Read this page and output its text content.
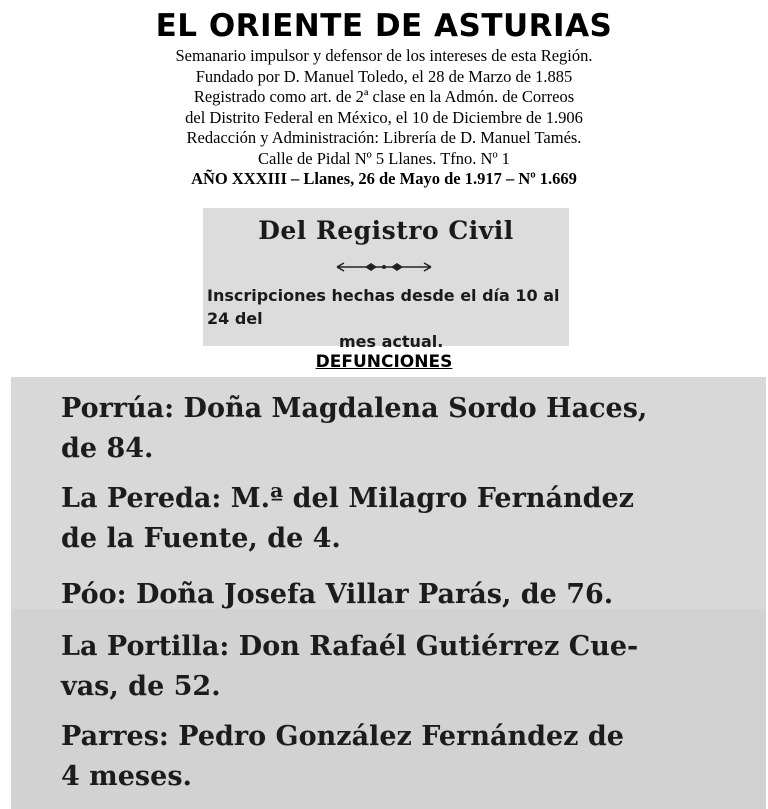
EL ORIENTE DE ASTURIAS

Semanario impulsor y defensor de los intereses de esta Región.

Fundado por D. Manuel Toledo, el 28 de Marzo de 1.885

Registrado como art. de 2ª clase en la Admón. de Correos

del Distrito Federal en México, el 10 de Diciembre de 1.906

Redacción y Administración: Librería de D. Manuel Tamés.

Calle de Pidal Nº 5 Llanes. Tfno. Nº 1

AÑO XXXIII – Llanes, 26 de Mayo de 1.917 – Nº 1.669

Del Registro Civil
Inscripciones hechas desde el día 10 al 24 del
mes actual.
DEFUNCIONES

Porrúa: Doña Magdalena Sordo Haces,

de 84.

La Pereda: M.ª del Milagro Fernández

de la Fuente, de 4.

Póo: Doña Josefa Villar Parás, de 76.

La Portilla: Don Rafaél Gutiérrez Cue-

vas, de 52.

Parres: Pedro González Fernández de

4 meses.
